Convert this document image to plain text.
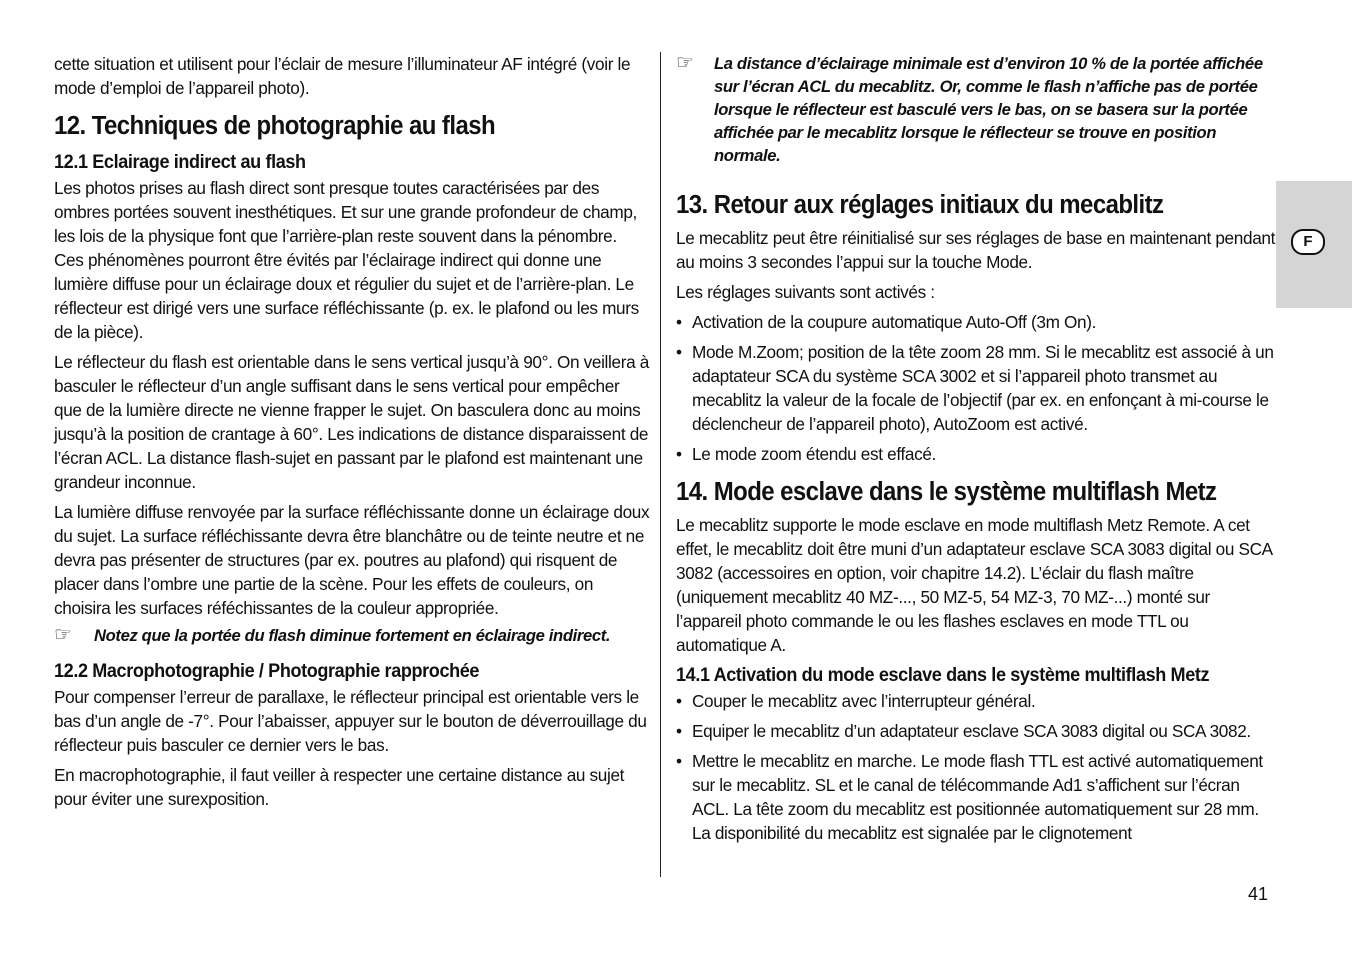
cette situation et utilisent pour l’éclair de mesure l’illuminateur AF intégré (voir le mode d’emploi de l’appareil photo).

12. Techniques de photographie au flash
12.1 Eclairage indirect au flash

Les photos prises au flash direct sont presque toutes caractérisées par des ombres portées souvent inesthétiques. Et sur une grande profondeur de champ, les lois de la physique font que l’arrière-plan reste souvent dans la pénombre. Ces phénomènes pourront être évités par l’éclairage indirect qui donne une lumière diffuse pour un éclairage doux et régulier du sujet et de l’arrière-plan. Le réflecteur est dirigé vers une surface réfléchissante (p. ex. le plafond ou les murs de la pièce).

Le réflecteur du flash est orientable dans le sens vertical jusqu’à 90°. On veillera à basculer le réflecteur d’un angle suffisant dans le sens vertical pour empêcher que de la lumière directe ne vienne frapper le sujet. On basculera donc au moins jusqu’à la position de crantage à 60°. Les indications de distance disparaissent de l’écran ACL. La distance flash-sujet en passant par le plafond est maintenant une grandeur inconnue.

La lumière diffuse renvoyée par la surface réfléchissante donne un éclairage doux du sujet. La surface réfléchissante devra être blanchâtre ou de teinte neutre et ne devra pas présenter de structures (par ex. poutres au plafond) qui risquent de placer dans l’ombre une partie de la scène. Pour les effets de couleurs, on choisira les surfaces réféchissantes de la couleur appropriée.

☞	Notez que la portée du flash diminue fortement en éclairage indirect.
12.2 Macrophotographie / Photographie rapprochée

Pour compenser l’erreur de parallaxe, le réflecteur principal est orientable vers le bas d’un angle de -7°. Pour l’abaisser, appuyer sur le bouton de déverrouillage du réflecteur puis basculer ce dernier vers le bas.

En macrophotographie, il faut veiller à respecter une certaine distance au sujet pour éviter une surexposition.

☞	La distance d’éclairage minimale est d’environ 10 % de la portée affichée sur l’écran ACL du mecablitz. Or, comme le flash n’affiche pas de portée lorsque le réflecteur est basculé vers le bas, on se basera sur la portée affichée par le mecablitz lorsque le réflecteur se trouve en position normale.
13. Retour aux réglages initiaux du mecablitz

Le mecablitz peut être réinitialisé sur ses réglages de base en maintenant pendant au moins 3 secondes l’appui sur la touche Mode.

Les réglages suivants sont activés :

• Activation de la coupure automatique Auto-Off (3m On).
• Mode M.Zoom; position de la tête zoom 28 mm. Si le mecablitz est associé à un adaptateur SCA du système SCA 3002 et si l’appareil photo transmet au mecablitz la valeur de la focale de l’objectif (par ex. en enfonçant à mi-course le déclencheur de l’appareil photo), AutoZoom est activé.
• Le mode zoom étendu est effacé.
14. Mode esclave dans le système multiflash Metz

Le mecablitz supporte le mode esclave en mode multiflash Metz Remote. A cet effet, le mecablitz doit être muni d’un adaptateur esclave SCA 3083 digital ou SCA 3082 (accessoires en option, voir chapitre 14.2). L’éclair du flash maître (uniquement mecablitz 40 MZ-..., 50 MZ-5, 54 MZ-3, 70 MZ-...) monté sur l’appareil photo commande le ou les flashes esclaves en mode TTL ou automatique A.

14.1 Activation du mode esclave dans le système multiflash Metz
• Couper le mecablitz avec l’interrupteur général.
• Equiper le mecablitz d’un adaptateur esclave SCA 3083 digital ou SCA 3082.
• Mettre le mecablitz en marche. Le mode flash TTL est activé automatiquement sur le mecablitz. SL et le canal de télécommande Ad1 s’affichent sur l’écran ACL. La tête zoom du mecablitz est positionnée automatiquement sur 28 mm. La disponibilité du mecablitz est signalée par le clignotement
F
41
